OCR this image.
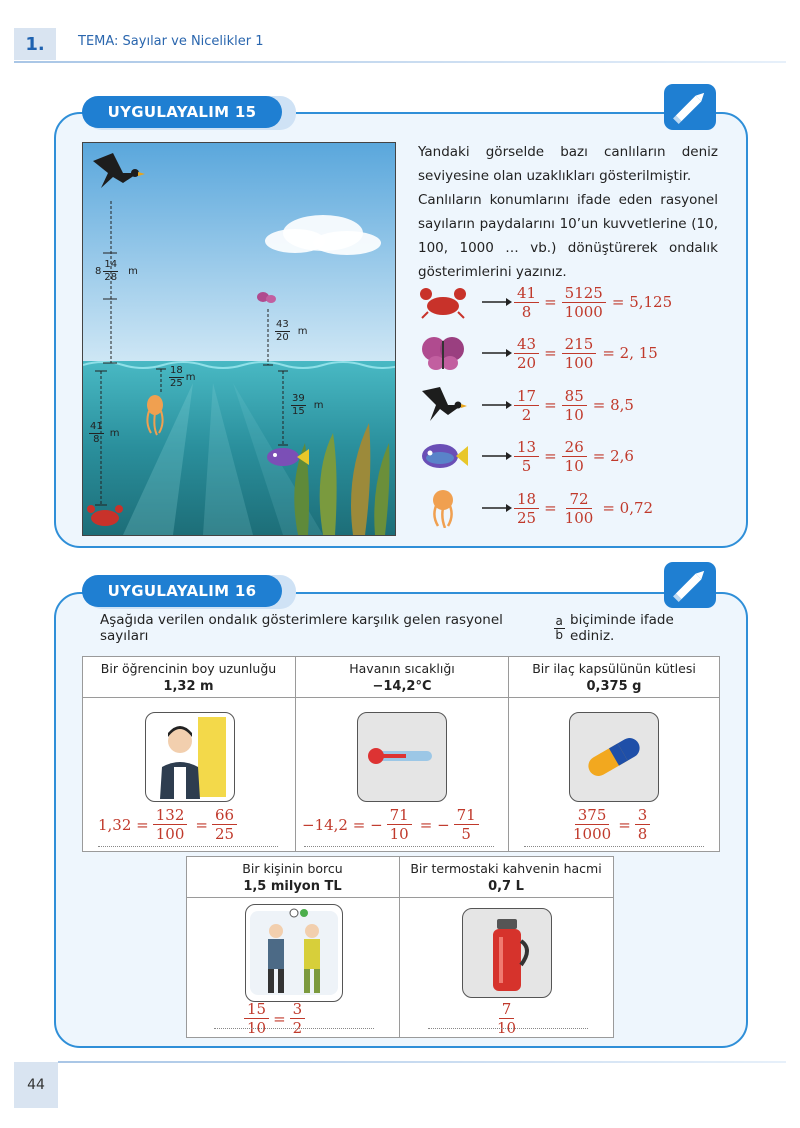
1.	TEMA: Sayılar ve Nicelikler 1
UYGULAYALIM 15
8
14
28
m
43
20
m
18
25
m
39
15
m
41
8
m
Yandaki görselde bazı canlıların deniz seviyesine olan uzaklıkları gösterilmiştir.
Canlıların konumlarını ifade eden rasyonel sayıların paydalarını 10’un kuvvetlerine (10, 100, 1000 … vb.) dönüştürerek ondalık gösterimlerini yazınız.
$\frac{41}{8} = \frac{5125}{1000} = 5,125$
$\frac{43}{20} = \frac{215}{100} = 2$, 15
$\frac{17}{2} = \frac{85}{10} = 8,5$
$\frac{13}{5} = \frac{26}{10} = 2,6$
$\frac{18}{25} = \frac{72}{100} = 0,72$
UYGULAYALIM 16
Aşağıda verilen ondalık gösterimlere karşılık gelen rasyonel sayıları
a
b
biçiminde ifade ediniz.
Bir öğrencinin boy uzunluğu
1,32 m
Havanın sıcaklığı
−14,2°C
Bir ilaç kapsülünün kütlesi
0,375 g
Bir kişinin borcu
1,5 milyon TL
Bir termostaki kahvenin hacmi
0,7 L
$1,32 = \frac{132}{100} = \frac{66}{25}$	−14,2 = − $\frac{71}{10}$ = − $\frac{71}{5}$	$\frac{375}{1000} = \frac{3}{8}$
$\frac{15}{10} = \frac{3}{2}$	$\frac{7}{10}$
44
